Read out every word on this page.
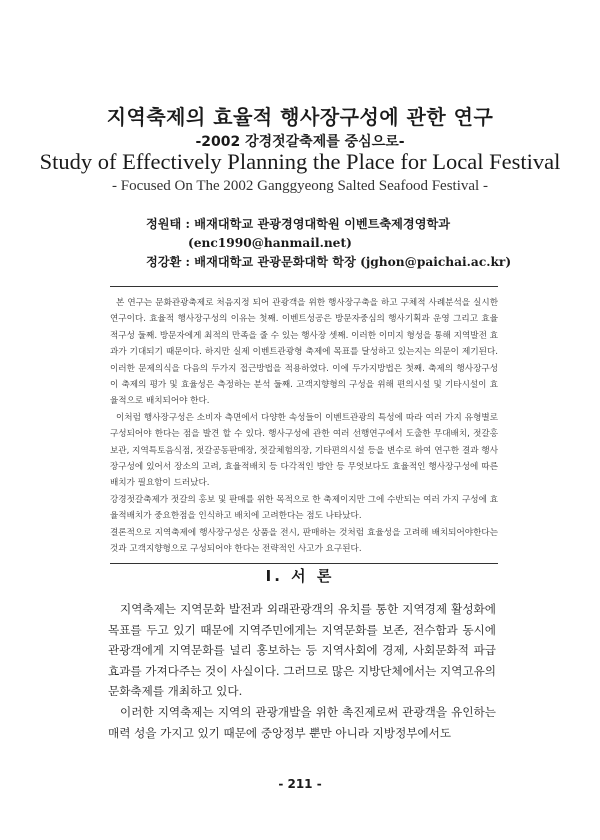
지역축제의 효율적 행사장구성에 관한 연구
-2002 강경젓갈축제를 중심으로-
Study of Effectively Planning the Place for Local Festival
- Focused On The 2002 Ganggyeong Salted Seafood Festival -
정원태 : 배재대학교 관광경영대학원 이벤트축제경영학과
(enc1990@hanmail.net)
정강환 : 배재대학교 관광문화대학 학장 (jghon@paichai.ac.kr)

본 연구는 문화관광축제로 처음지정 되어 관광객을 위한 행사장구축을 하고 구체적 사례분석을 실시한 연구이다. 효율적 행사장구성의 이유는 첫째. 이벤트성공은 방문자중심의 행사기획과 운영 그리고 효율적구성 둘째. 방문자에게 최적의 만족을 줄 수 있는 행사장 셋째. 이러한 이미지 형성을 통해 지역발전 효과가 기대되기 때문이다. 하지만 실제 이벤트관광형 축제에 목표를 달성하고 있는지는 의문이 제기된다. 이러한 문제의식을 다음의 두가지 접근방법을 적용하였다. 이에 두가지방법은 첫째. 축제의 행사장구성이 축제의 평가 및 효율성은 측정하는 분석 둘째. 고객지향형의 구성을 위해 편의시설 및 기타시설이 효율적으로 배치되어야 한다.

이처럼 행사장구성은 소비자 측면에서 다양한 속성들이 이벤트관광의 특성에 따라 여러 가지 유형별로 구성되어야 한다는 점을 발견 할 수 있다. 행사구성에 관한 여러 선행연구에서 도출한 무대배치, 젓갈홍보관, 지역특토음식점, 젓갈공동판매장, 젓갈체험의장, 기타편의시설 등을 변수로 하여 연구한 결과 행사장구성에 있어서 장소의 고려, 효율적배치 등 다각적인 방안 등 무엇보다도 효율적인 행사장구성에 따른 배치가 필요함이 드러났다.

강경젓갈축제가 젓갈의 홍보 및 판매를 위한 목적으로 한 축제이지만 그에 수반되는 여러 가지 구성에 효율적배치가 중요한점을 인식하고 배치에 고려한다는 점도 나타났다.

결론적으로 지역축제에 행사장구성은 상품을 전시, 판매하는 것처럼 효율성을 고려해 배치되어야한다는 것과 고객지향형으로 구성되어야 한다는 전략적인 사고가 요구된다.

Ⅰ. 서 론

지역축제는 지역문화 발전과 외래관광객의 유치를 통한 지역경제 활성화에 목표를 두고 있기 때문에 지역주민에게는 지역문화를 보존, 전수함과 동시에 관광객에게 지역문화를 널리 홍보하는 등 지역사회에 경제, 사회문화적 파급효과를 가져다주는 것이 사실이다. 그러므로 많은 지방단체에서는 지역고유의 문화축제를 개최하고 있다.

이러한 지역축제는 지역의 관광개발을 위한 촉진제로써 관광객을 유인하는 매력 성을 가지고 있기 때문에 중앙정부 뿐만 아니라 지방정부에서도

- 211 -
